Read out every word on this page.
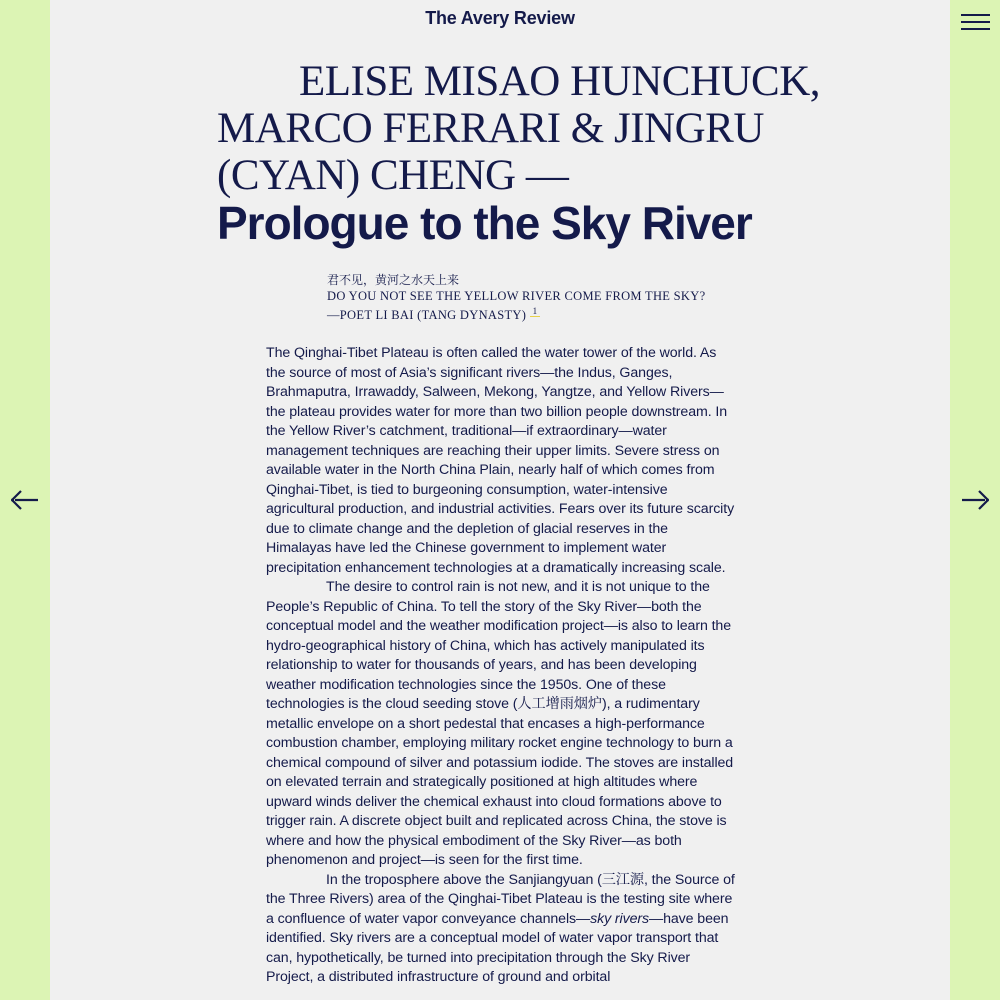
The Avery Review
ELISE MISAO HUNCHUCK, MARCO FERRARI & JINGRU (CYAN) CHENG —
Prologue to the Sky River
君不见，黄河之水天上来
DO YOU NOT SEE THE YELLOW RIVER COME FROM THE SKY?
—POET LI BAI (TANG DYNASTY) $^1$

The Qinghai-Tibet Plateau is often called the water tower of the world. As the source of most of Asia’s significant rivers—the Indus, Ganges, Brahmaputra, Irrawaddy, Salween, Mekong, Yangtze, and Yellow Rivers—the plateau provides water for more than two billion people downstream. In the Yellow River’s catchment, traditional—if extraordinary—water management techniques are reaching their upper limits. Severe stress on available water in the North China Plain, nearly half of which comes from Qinghai-Tibet, is tied to burgeoning consumption, water-intensive agricultural production, and industrial activities. Fears over its future scarcity due to climate change and the depletion of glacial reserves in the Himalayas have led the Chinese government to implement water precipitation enhancement technologies at a dramatically increasing scale.

The desire to control rain is not new, and it is not unique to the People’s Republic of China. To tell the story of the Sky River—both the conceptual model and the weather modification project—is also to learn the hydro-geographical history of China, which has actively manipulated its relationship to water for thousands of years, and has been developing weather modification technologies since the 1950s. One of these technologies is the cloud seeding stove (人工增雨烟炉), a rudimentary metallic envelope on a short pedestal that encases a high-performance combustion chamber, employing military rocket engine technology to burn a chemical compound of silver and potassium iodide. The stoves are installed on elevated terrain and strategically positioned at high altitudes where upward winds deliver the chemical exhaust into cloud formations above to trigger rain. A discrete object built and replicated across China, the stove is where and how the physical embodiment of the Sky River—as both phenomenon and project—is seen for the first time.

In the troposphere above the Sanjiangyuan (三江源, the Source of the Three Rivers) area of the Qinghai-Tibet Plateau is the testing site where a confluence of water vapor conveyance channels—sky rivers—have been identified. Sky rivers are a conceptual model of water vapor transport that can, hypothetically, be turned into precipitation through the Sky River Project, a distributed infrastructure of ground and orbital
